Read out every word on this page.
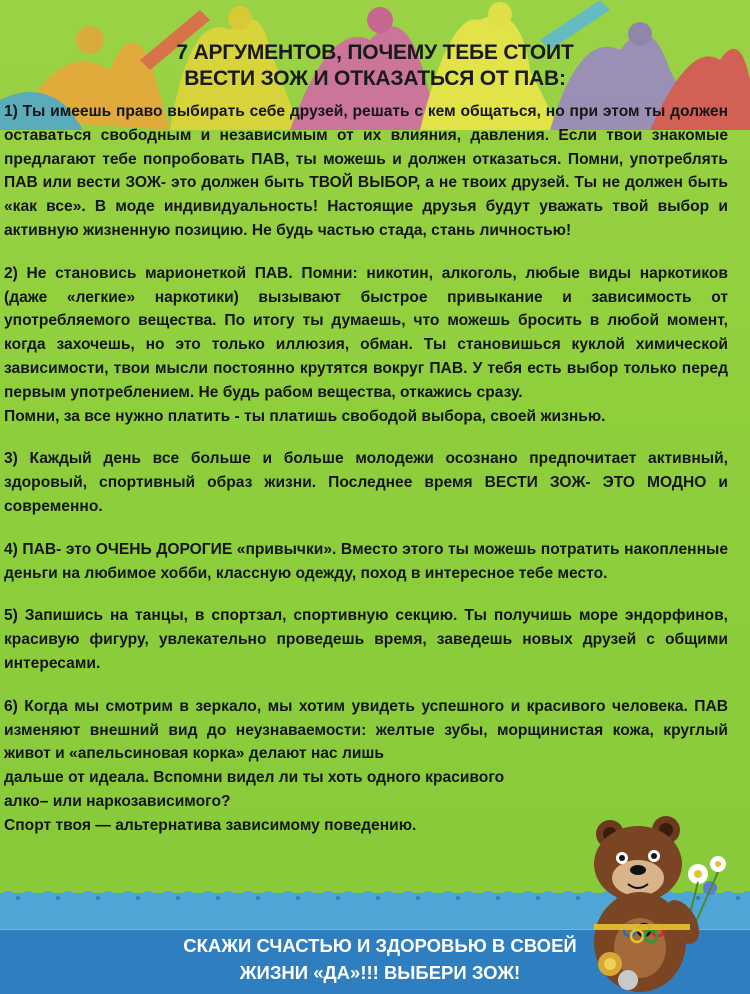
7 АРГУМЕНТОВ, ПОЧЕМУ ТЕБЕ СТОИТ
ВЕСТИ ЗОЖ И ОТКАЗАТЬСЯ ОТ ПАВ:

1) Ты имеешь право выбирать себе друзей, решать с кем общаться, но при этом ты должен оставаться свободным и независимым от их влияния, давления. Если твои знакомые предлагают тебе попробовать ПАВ, ты можешь и должен отказаться. Помни, употреблять ПАВ или вести ЗОЖ- это должен быть ТВОЙ ВЫБОР, а не твоих друзей. Ты не должен быть «как все». В моде индивидуальность! Настоящие друзья будут уважать твой выбор и активную жизненную позицию. Не будь частью стада, стань личностью!

2) Не становись марионеткой ПАВ. Помни: никотин, алкоголь, любые виды наркотиков (даже «легкие» наркотики) вызывают быстрое привыкание и зависимость от употребляемого вещества. По итогу ты думаешь, что можешь бросить в любой момент, когда захочешь, но это только иллюзия, обман. Ты становишься куклой химической зависимости, твои мысли постоянно крутятся вокруг ПАВ. У тебя есть выбор только перед первым употреблением. Не будь рабом вещества, откажись сразу.
Помни, за все нужно платить - ты платишь свободой выбора, своей жизнью.

3) Каждый день все больше и больше молодежи осознано предпочитает активный, здоровый, спортивный образ жизни. Последнее время ВЕСТИ ЗОЖ- ЭТО МОДНО и современно.

4) ПАВ- это ОЧЕНЬ ДОРОГИЕ «привычки». Вместо этого ты можешь потратить накопленные деньги на любимое хобби, классную одежду, поход в интересное тебе место.

5) Запишись на танцы, в спортзал, спортивную секцию. Ты получишь море эндорфинов, красивую фигуру, увлекательно проведешь время, заведешь новых друзей с общими интересами.

6) Когда мы смотрим в зеркало, мы хотим увидеть успешного и красивого человека. ПАВ изменяют внешний вид до неузнаваемости: желтые зубы, морщинистая кожа, круглый живот и «апельсиновая корка» делают нас лишь
дальше от идеала. Вспомни видел ли ты хоть одного красивого
алко– или наркозависимого?
Спорт твоя — альтернатива зависимому поведению.

СКАЖИ СЧАСТЬЮ И ЗДОРОВЬЮ В СВОЕЙ
ЖИЗНИ «ДА»!!! ВЫБЕРИ ЗОЖ!
